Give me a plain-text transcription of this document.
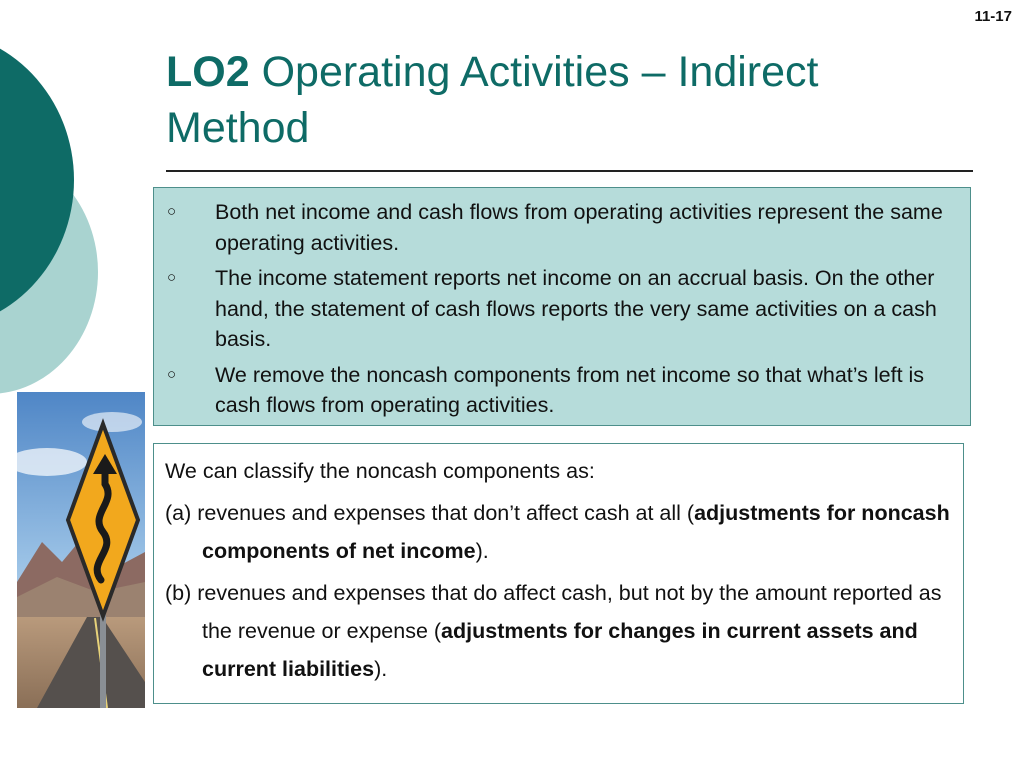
11-17
LO2 Operating Activities – Indirect Method
○ Both net income and cash flows from operating activities represent the same operating activities.
○ The income statement reports net income on an accrual basis. On the other hand, the statement of cash flows reports the very same activities on a cash basis.
○ We remove the noncash components from net income so that what’s left is cash flows from operating activities.

We can classify the noncash components as:

(a) revenues and expenses that don’t affect cash at all (adjustments for noncash components of net income).

(b) revenues and expenses that do affect cash, but not by the amount reported as the revenue or expense (adjustments for changes in current assets and current liabilities).
